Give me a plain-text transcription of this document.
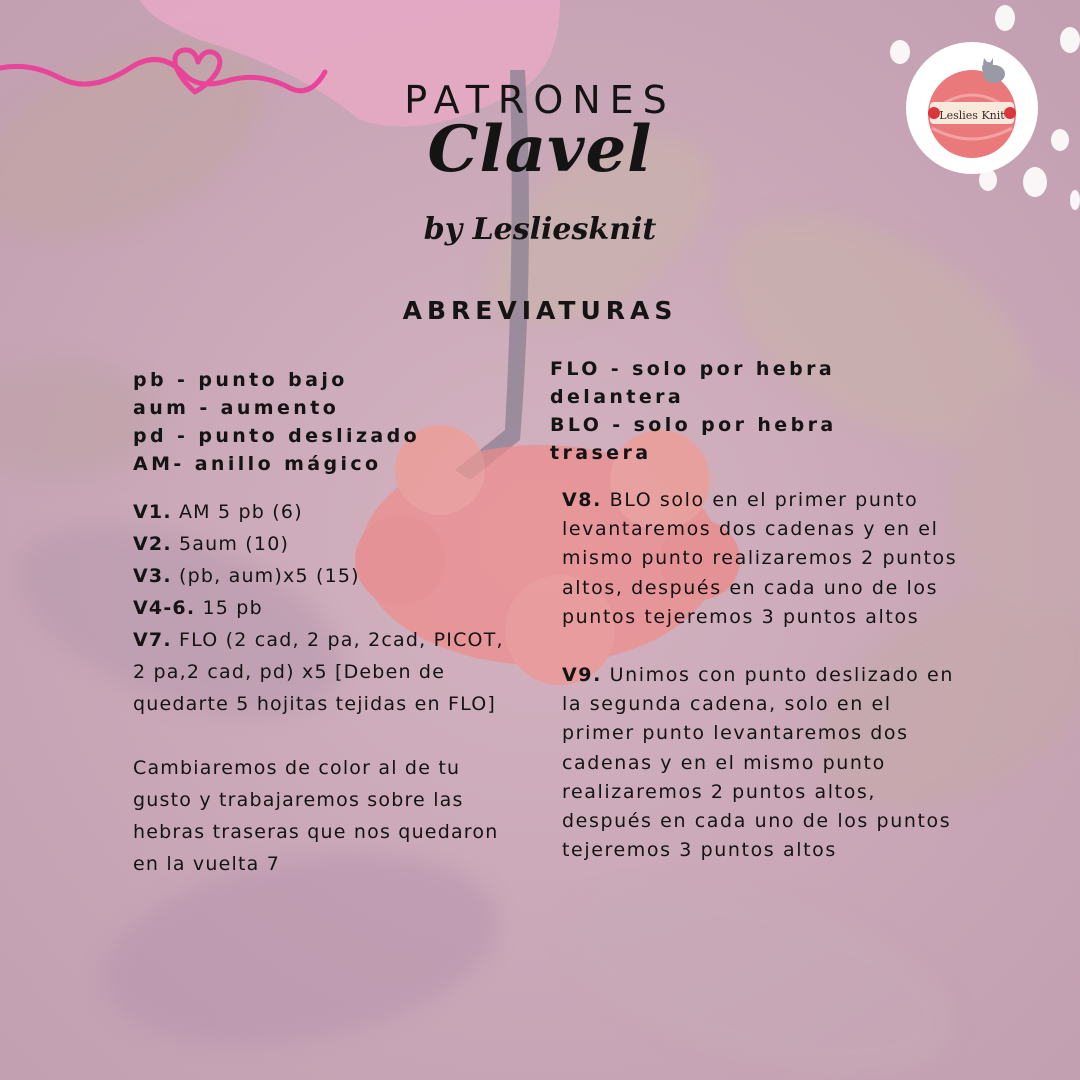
PATRONES
Clavel
by Lesliesknit
ABREVIATURAS
pb - punto bajo
aum - aumento
pd - punto deslizado
AM- anillo mágico
FLO - solo por hebra delantera
BLO - solo por hebra trasera
V1. AM 5 pb (6)
V2. 5aum (10)
V3. (pb, aum)x5 (15)
V4-6. 15 pb
V7. FLO (2 cad, 2 pa, 2cad, PICOT, 2 pa,2 cad, pd) x5 [Deben de quedarte 5 hojitas tejidas en FLO]
Cambiaremos de color al de tu gusto y trabajaremos sobre las hebras traseras que nos quedaron en la vuelta 7
V8. BLO solo en el primer punto levantaremos dos cadenas y en el mismo punto realizaremos 2 puntos altos, después en cada uno de los puntos tejeremos 3 puntos altos
V9. Unimos con punto deslizado en la segunda cadena, solo en el primer punto levantaremos dos cadenas y en el mismo punto realizaremos 2 puntos altos, después en cada uno de los puntos tejeremos 3 puntos altos
Leslies Knit
